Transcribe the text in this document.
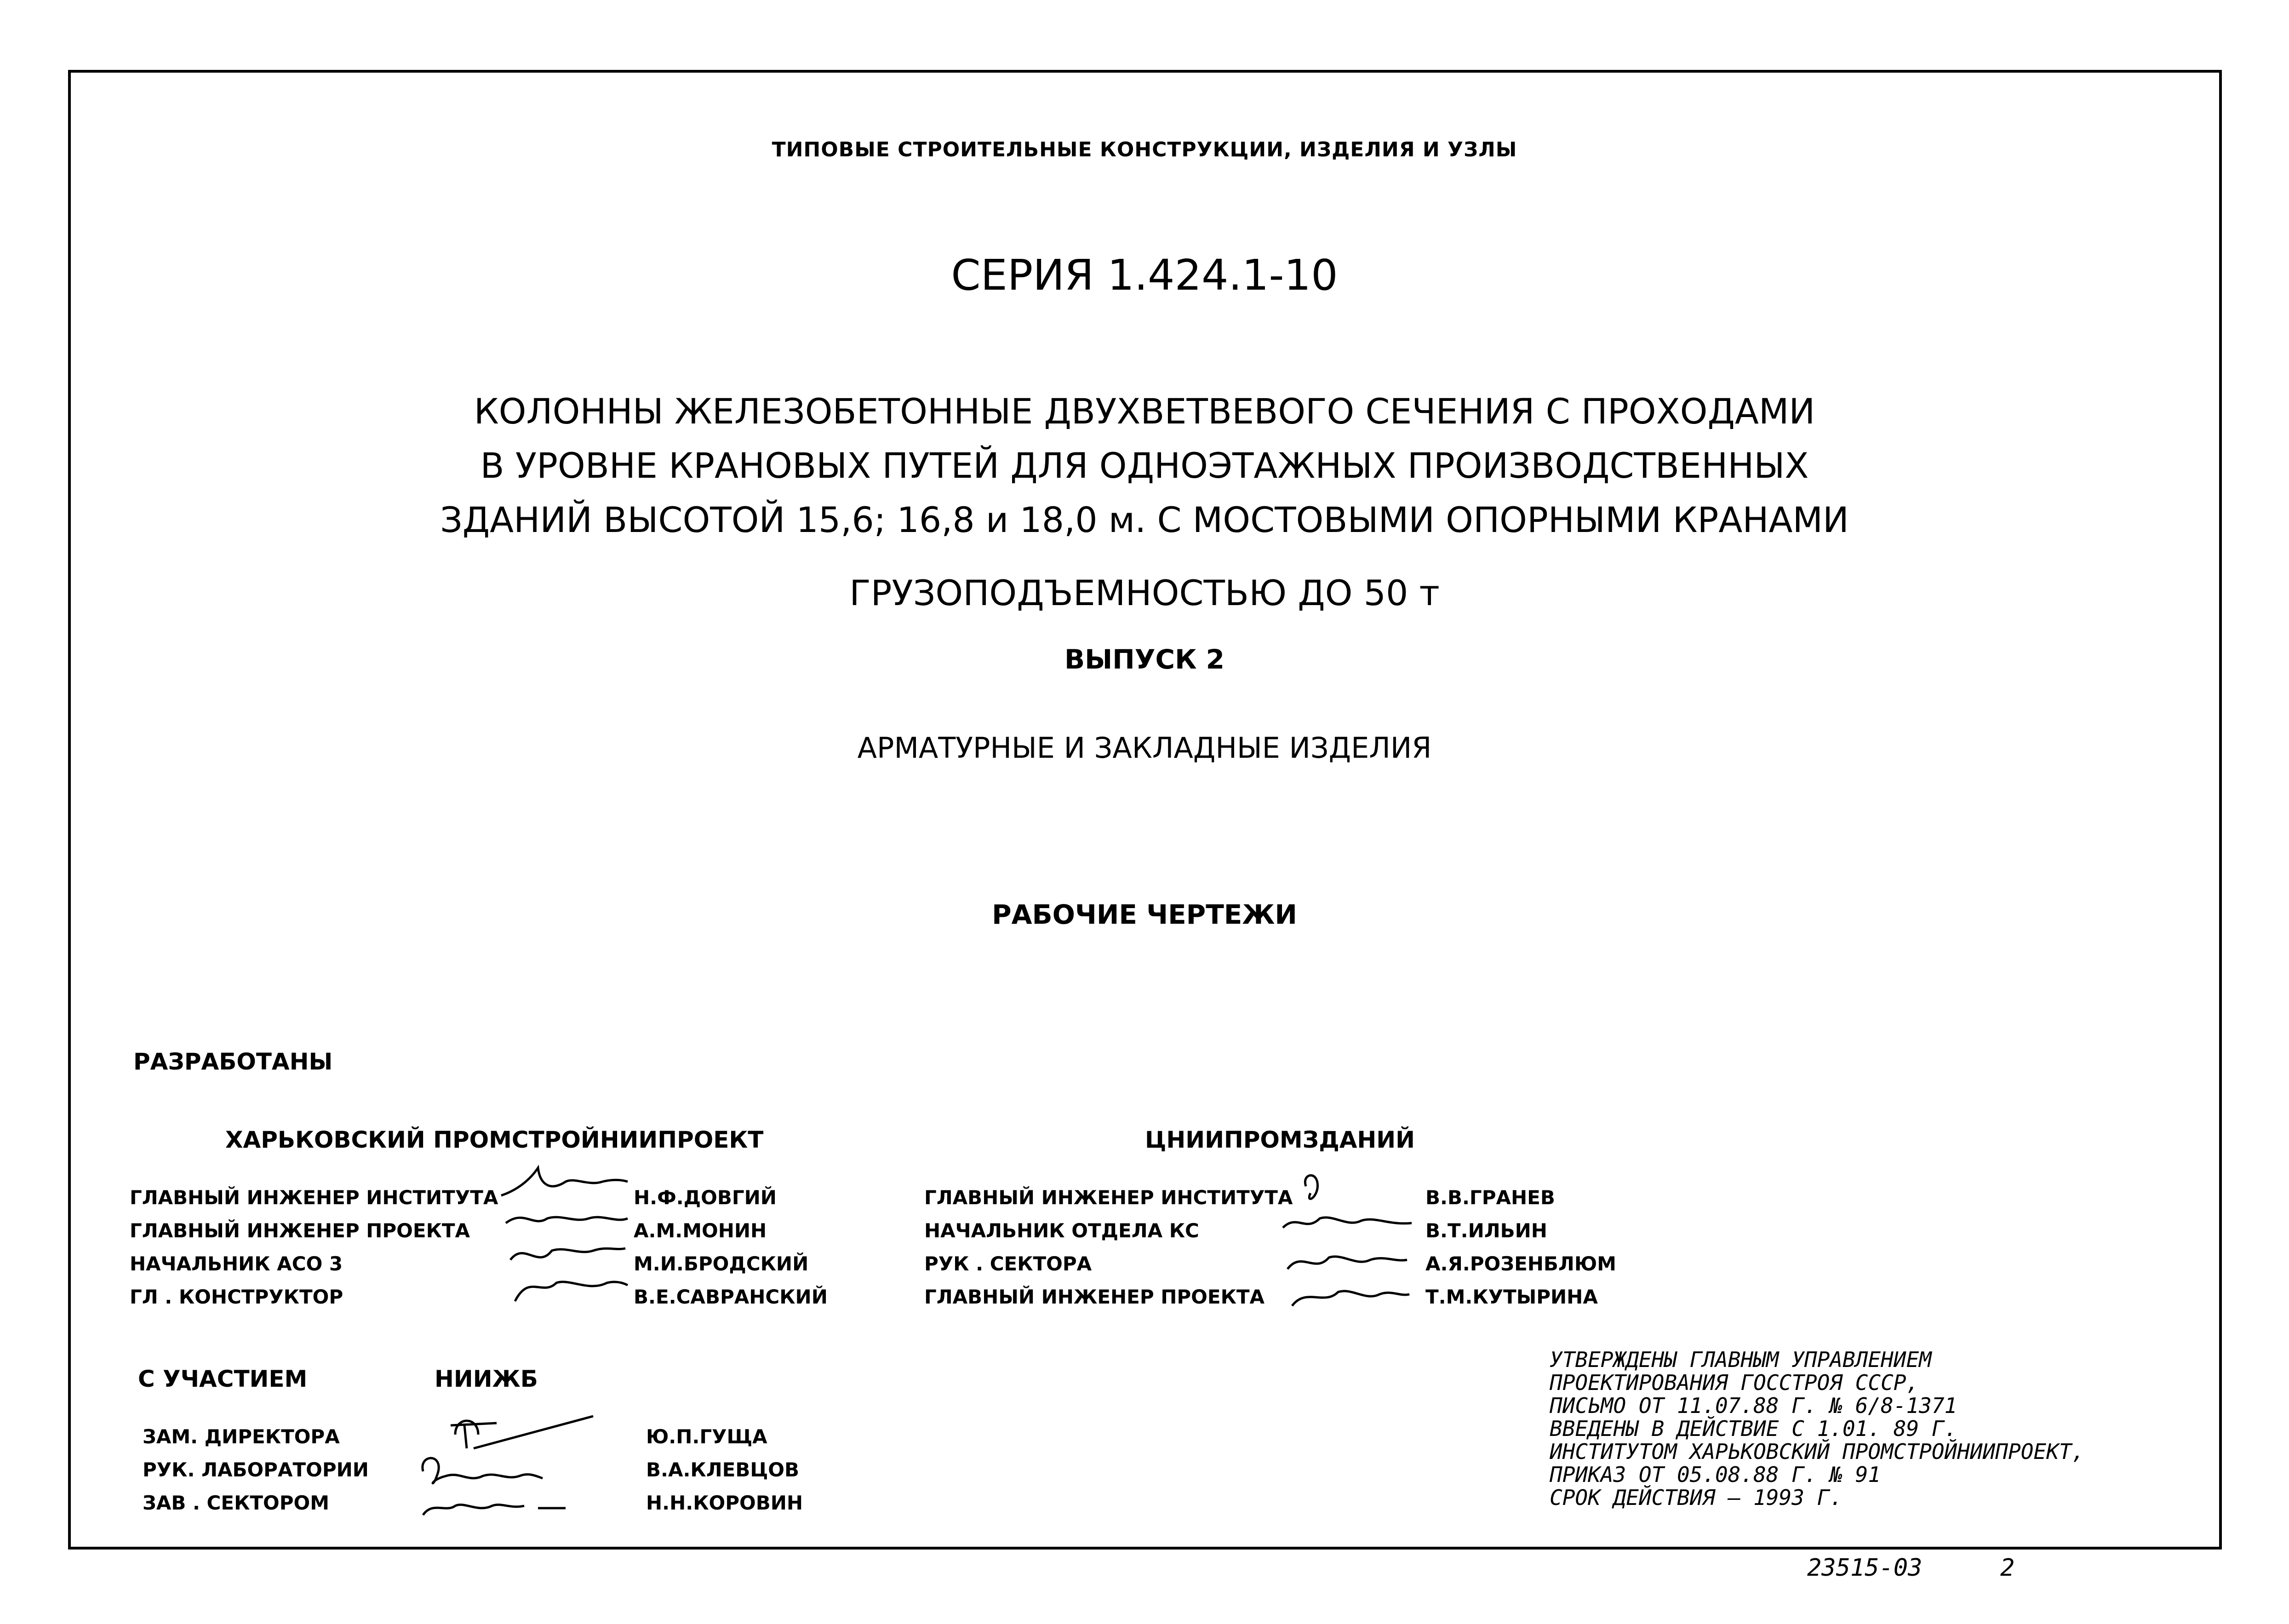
ТИПОВЫЕ СТРОИТЕЛЬНЫЕ КОНСТРУКЦИИ, ИЗДЕЛИЯ И УЗЛЫ
СЕРИЯ 1.424.1-10
КОЛОННЫ ЖЕЛЕЗОБЕТОННЫЕ ДВУХВЕТВЕВОГО СЕЧЕНИЯ С ПРОХОДАМИ
В УРОВНЕ КРАНОВЫХ ПУТЕЙ ДЛЯ ОДНОЭТАЖНЫХ ПРОИЗВОДСТВЕННЫХ
ЗДАНИЙ ВЫСОТОЙ 15,6; 16,8 и 18,0 м. С МОСТОВЫМИ ОПОРНЫМИ КРАНАМИ
ГРУЗОПОДЪЕМНОСТЬЮ ДО 50 т
ВЫПУСК 2
АРМАТУРНЫЕ И ЗАКЛАДНЫЕ ИЗДЕЛИЯ
РАБОЧИЕ ЧЕРТЕЖИ
РАЗРАБОТАНЫ
ХАРЬКОВСКИЙ ПРОМСТРОЙНИИПРОЕКТ
ГЛАВНЫЙ ИНЖЕНЕР ИНСТИТУТА
ГЛАВНЫЙ ИНЖЕНЕР ПРОЕКТА
НАЧАЛЬНИК АСО 3
ГЛ . КОНСТРУКТОР
Н.Ф.ДОВГИЙ
А.М.МОНИН
М.И.БРОДСКИЙ
В.Е.САВРАНСКИЙ
ЦНИИПРОМЗДАНИЙ
ГЛАВНЫЙ ИНЖЕНЕР ИНСТИТУТА
НАЧАЛЬНИК ОТДЕЛА КС
РУК . СЕКТОРА
ГЛАВНЫЙ ИНЖЕНЕР ПРОЕКТА
В.В.ГРАНЕВ
В.Т.ИЛЬИН
А.Я.РОЗЕНБЛЮМ
Т.М.КУТЫРИНА
С УЧАСТИЕМ	НИИЖБ
ЗАМ. ДИРЕКТОРА
РУК. ЛАБОРАТОРИИ
ЗАВ . СЕКТОРОМ
Ю.П.ГУЩА
В.А.КЛЕВЦОВ
Н.Н.КОРОВИН
УТВЕРЖДЕНЫ ГЛАВНЫМ УПРАВЛЕНИЕМ
ПРОЕКТИРОВАНИЯ ГОССТРОЯ СССР,
ПИСЬМО ОТ 11.07.88 Г. № 6/8-1371
ВВЕДЕНЫ В ДЕЙСТВИЕ С 1.01. 89 Г.
ИНСТИТУТОМ ХАРЬКОВСКИЙ ПРОМСТРОЙНИИПРОЕКТ,
ПРИКАЗ ОТ 05.08.88 Г. № 91
СРОК ДЕЙСТВИЯ – 1993 Г.
23515-03	2
